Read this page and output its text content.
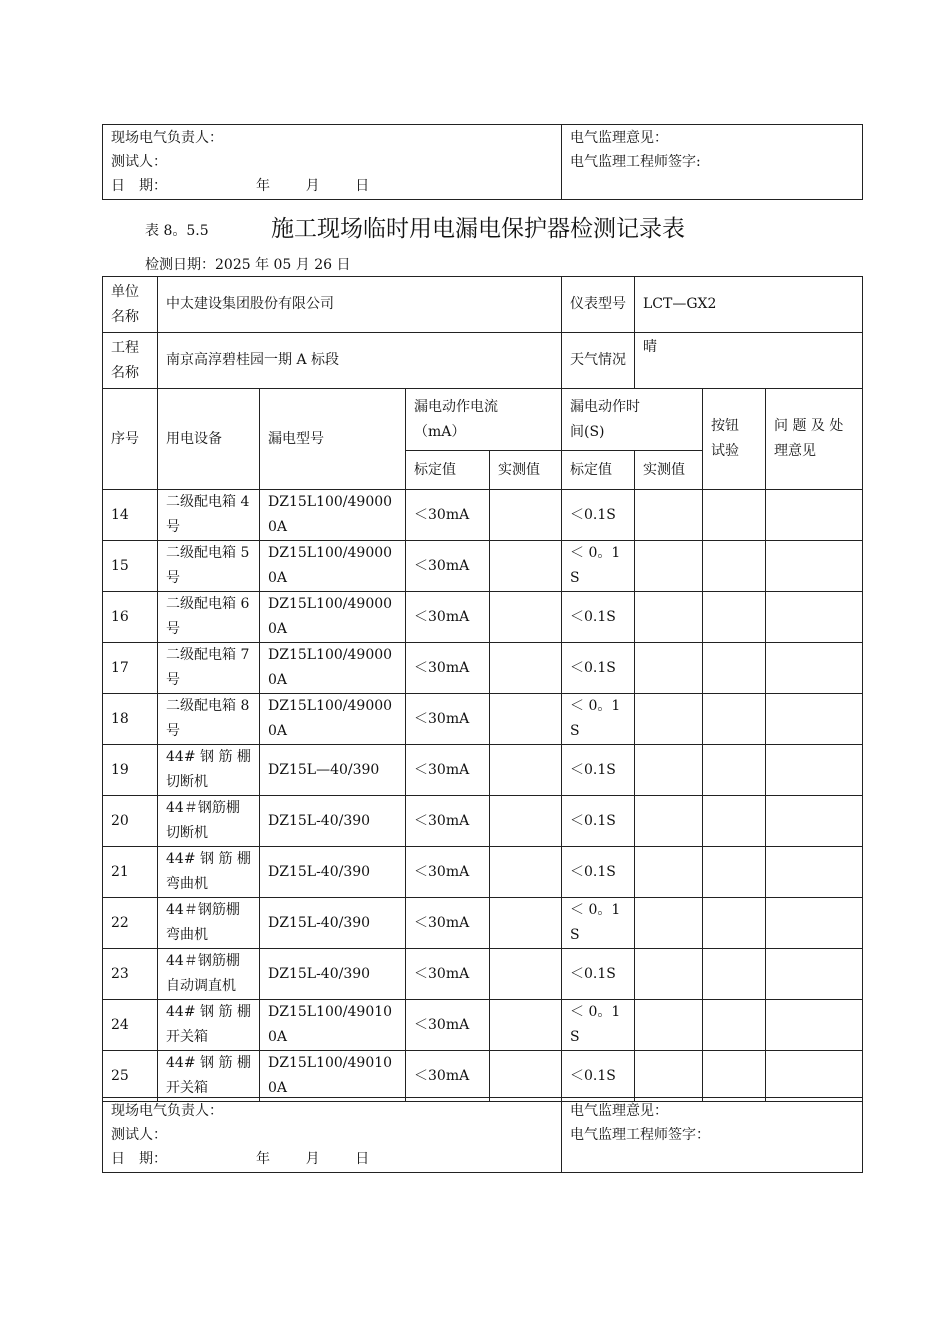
现场电气负责人：
测试人：
日　期：                    年        月        日

电气监理意见：
电气监理工程师签字:
表 8。5.5	施工现场临时用电漏电保护器检测记录表
检测日期：2025 年 05 月 26 日
单位名称	中太建设集团股份有限公司				仪表型号	LCT—GX2		
工程名称	南京高淳碧桂园一期 A 标段				天气情况	晴		
序号	用电设备	漏电型号	漏电动作电流（mA）		漏电动作时间(S)		按钮试验	问 题 及 处 理意见
			标定值	实测值	标定值	实测值		
14	二级配电箱 4 号	DZ15L100/490000A	＜30mA		＜0.1S			
15	二级配电箱 5 号	DZ15L100/490000A	＜30mA		＜ 0。1S			
16	二级配电箱 6 号	DZ15L100/490000A	＜30mA		＜0.1S			
17	二级配电箱 7 号	DZ15L100/490000A	＜30mA		＜0.1S			
18	二级配电箱 8 号	DZ15L100/490000A	＜30mA		＜ 0。1S			
19	44# 钢 筋 棚切断机	DZ15L—40/390	＜30mA		＜0.1S			
20	44＃钢筋棚切断机	DZ15L-40/390	＜30mA		＜0.1S			
21	44# 钢 筋 棚弯曲机	DZ15L-40/390	＜30mA		＜0.1S			
22	44＃钢筋棚弯曲机	DZ15L-40/390	＜30mA		＜ 0。1S			
23	44＃钢筋棚自动调直机	DZ15L-40/390	＜30mA		＜0.1S			
24	44# 钢 筋 棚开关箱	DZ15L100/490100A	＜30mA		＜ 0。1S			
25	44# 钢 筋 棚开关箱	DZ15L100/490100A	＜30mA		＜0.1S			
现场电气负责人：
测试人：
日　期：                    年        月        日

电气监理意见：
电气监理工程师签字：
